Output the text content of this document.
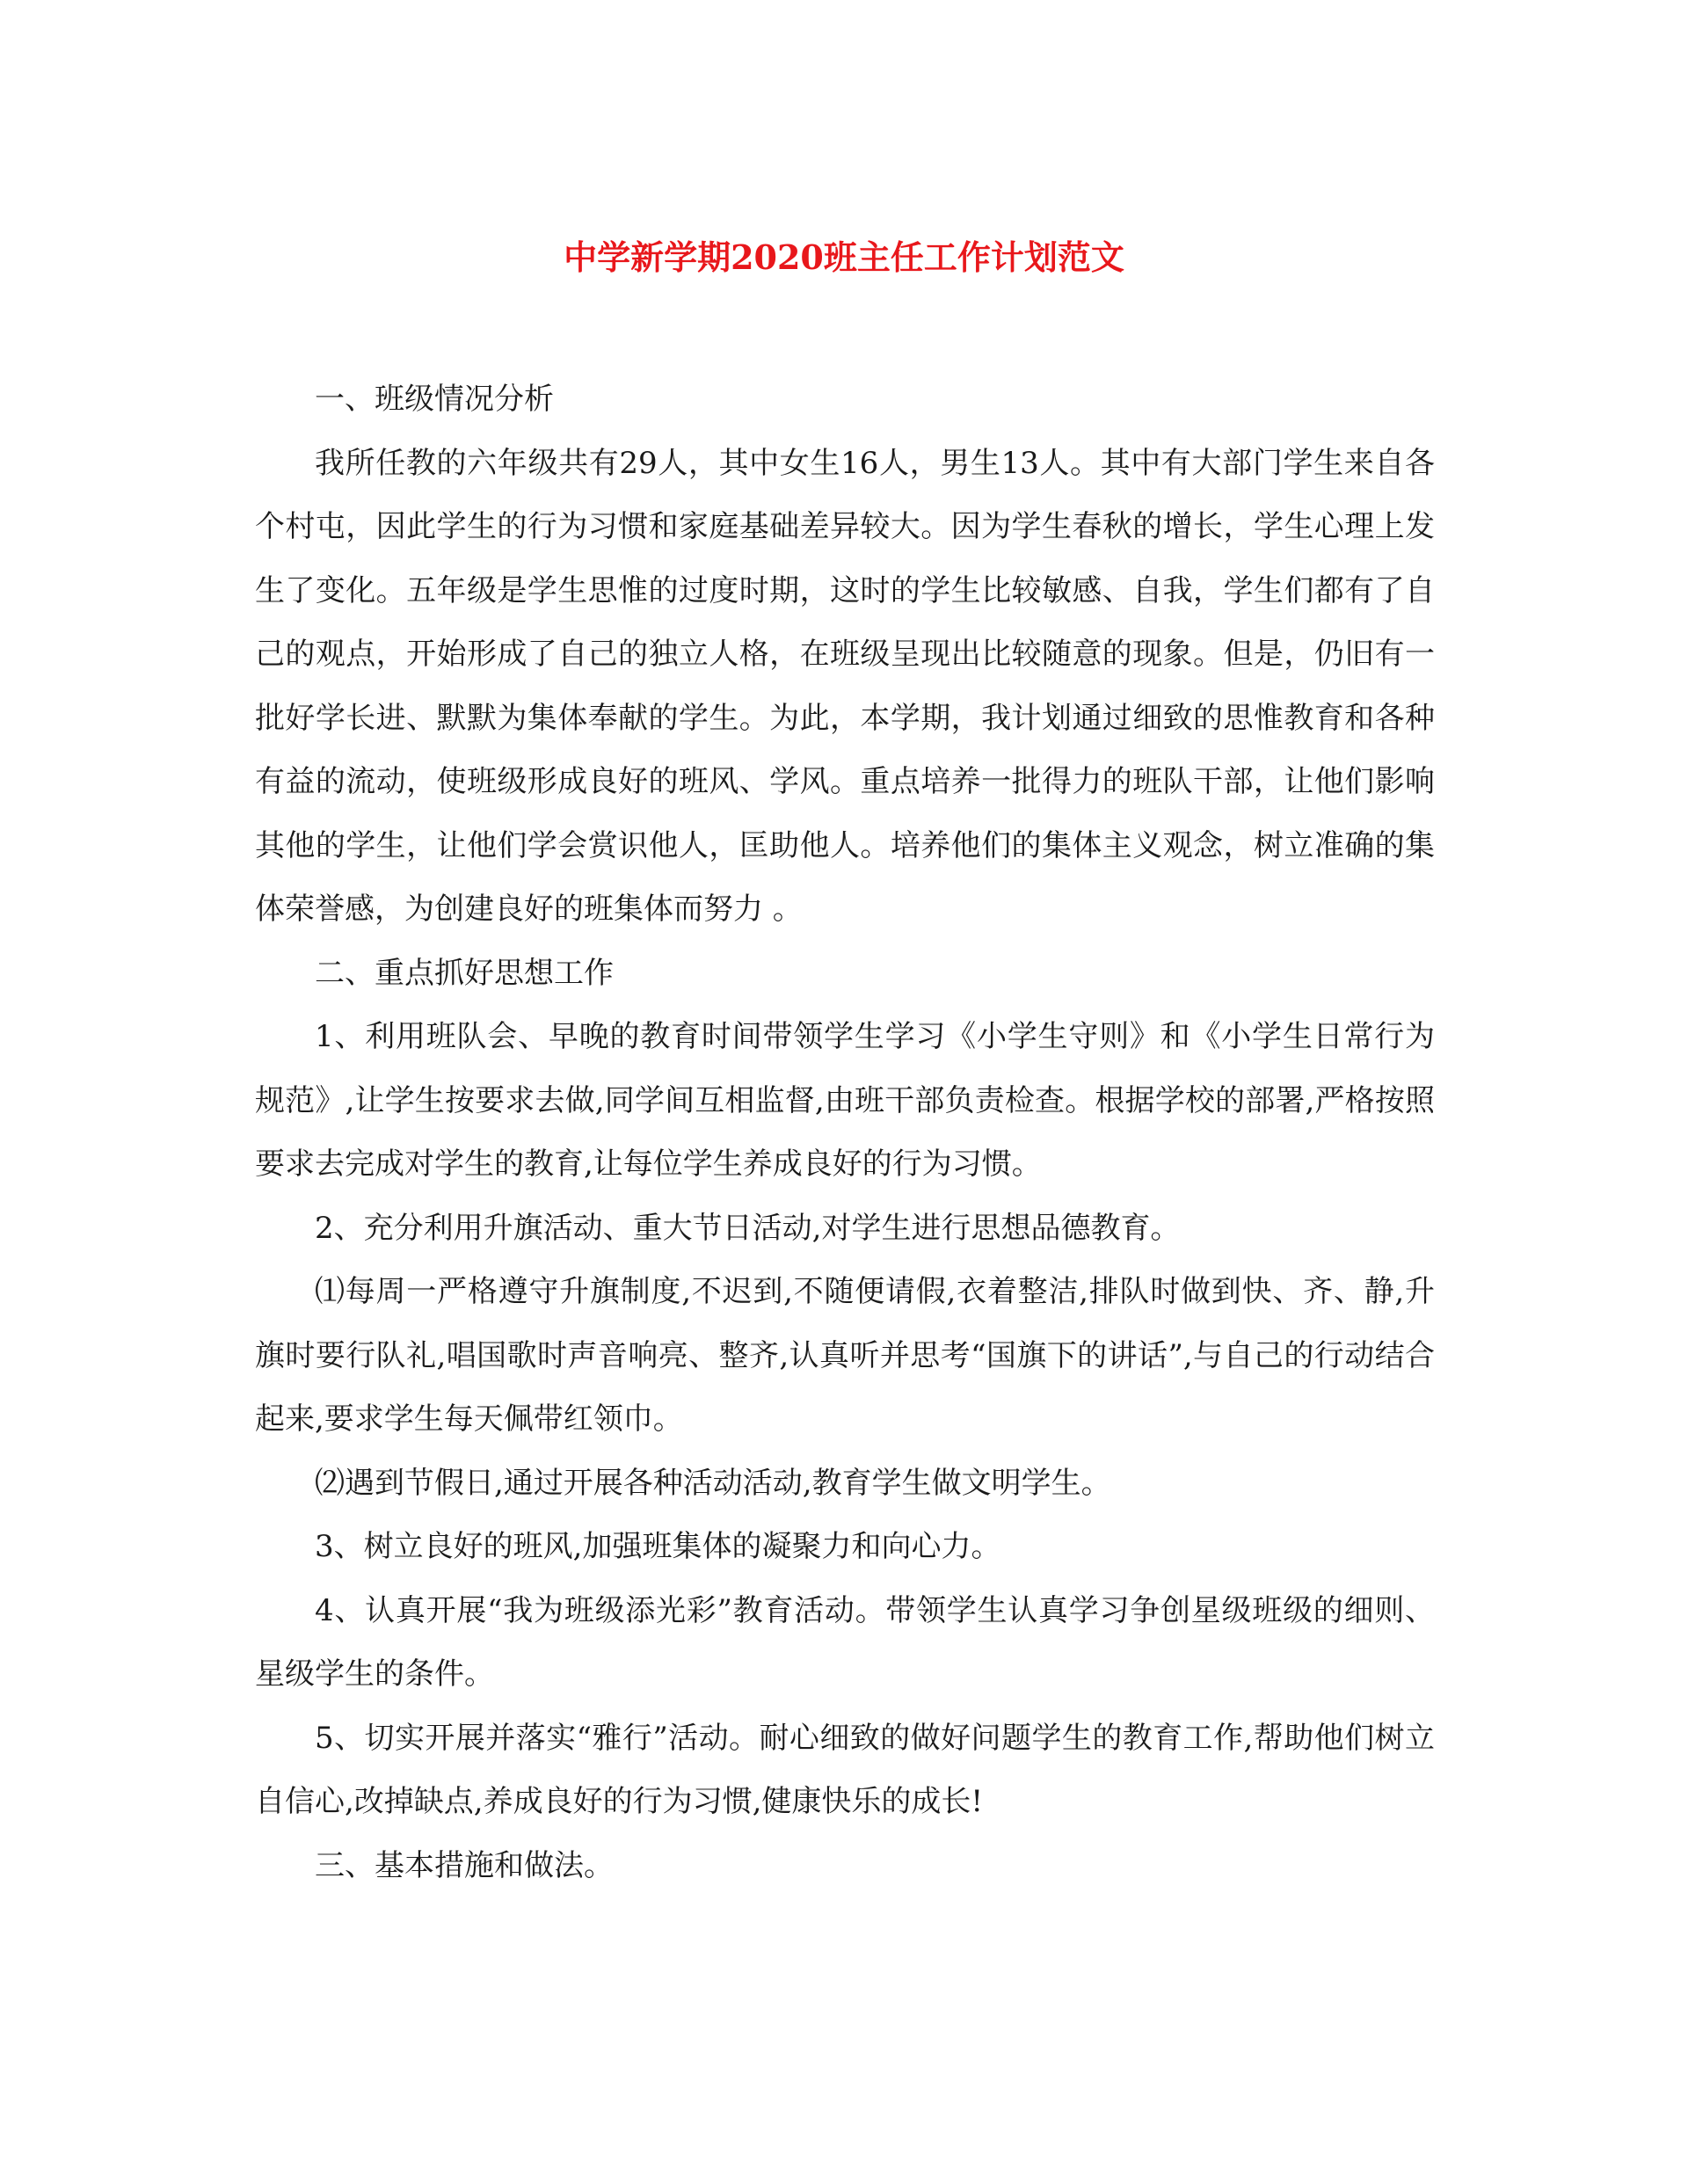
中学新学期2020班主任工作计划范文

一、班级情况分析

我所任教的六年级共有29人，其中女生16人，男生13人。其中有大部门学生来自各个村屯，因此学生的行为习惯和家庭基础差异较大。因为学生春秋的增长，学生心理上发生了变化。五年级是学生思惟的过度时期，这时的学生比较敏感、自我，学生们都有了自己的观点，开始形成了自己的独立人格，在班级呈现出比较随意的现象。但是，仍旧有一批好学长进、默默为集体奉献的学生。为此，本学期，我计划通过细致的思惟教育和各种有益的流动，使班级形成良好的班风、学风。重点培养一批得力的班队干部，让他们影响其他的学生，让他们学会赏识他人，匡助他人。培养他们的集体主义观念，树立准确的集体荣誉感，为创建良好的班集体而努力 。

二、重点抓好思想工作

1、利用班队会、早晚的教育时间带领学生学习《小学生守则》和《小学生日常行为规范》,让学生按要求去做,同学间互相监督,由班干部负责检查。根据学校的部署,严格按照要求去完成对学生的教育,让每位学生养成良好的行为习惯。

2、充分利用升旗活动、重大节日活动,对学生进行思想品德教育。

⑴每周一严格遵守升旗制度,不迟到,不随便请假,衣着整洁,排队时做到快、齐、静,升旗时要行队礼,唱国歌时声音响亮、整齐,认真听并思考“国旗下的讲话”,与自己的行动结合起来,要求学生每天佩带红领巾。

⑵遇到节假日,通过开展各种活动活动,教育学生做文明学生。

3、树立良好的班风,加强班集体的凝聚力和向心力。

4、认真开展“我为班级添光彩”教育活动。带领学生认真学习争创星级班级的细则、星级学生的条件。

5、切实开展并落实“雅行”活动。耐心细致的做好问题学生的教育工作,帮助他们树立自信心,改掉缺点,养成良好的行为习惯,健康快乐的成长!

三、基本措施和做法。
